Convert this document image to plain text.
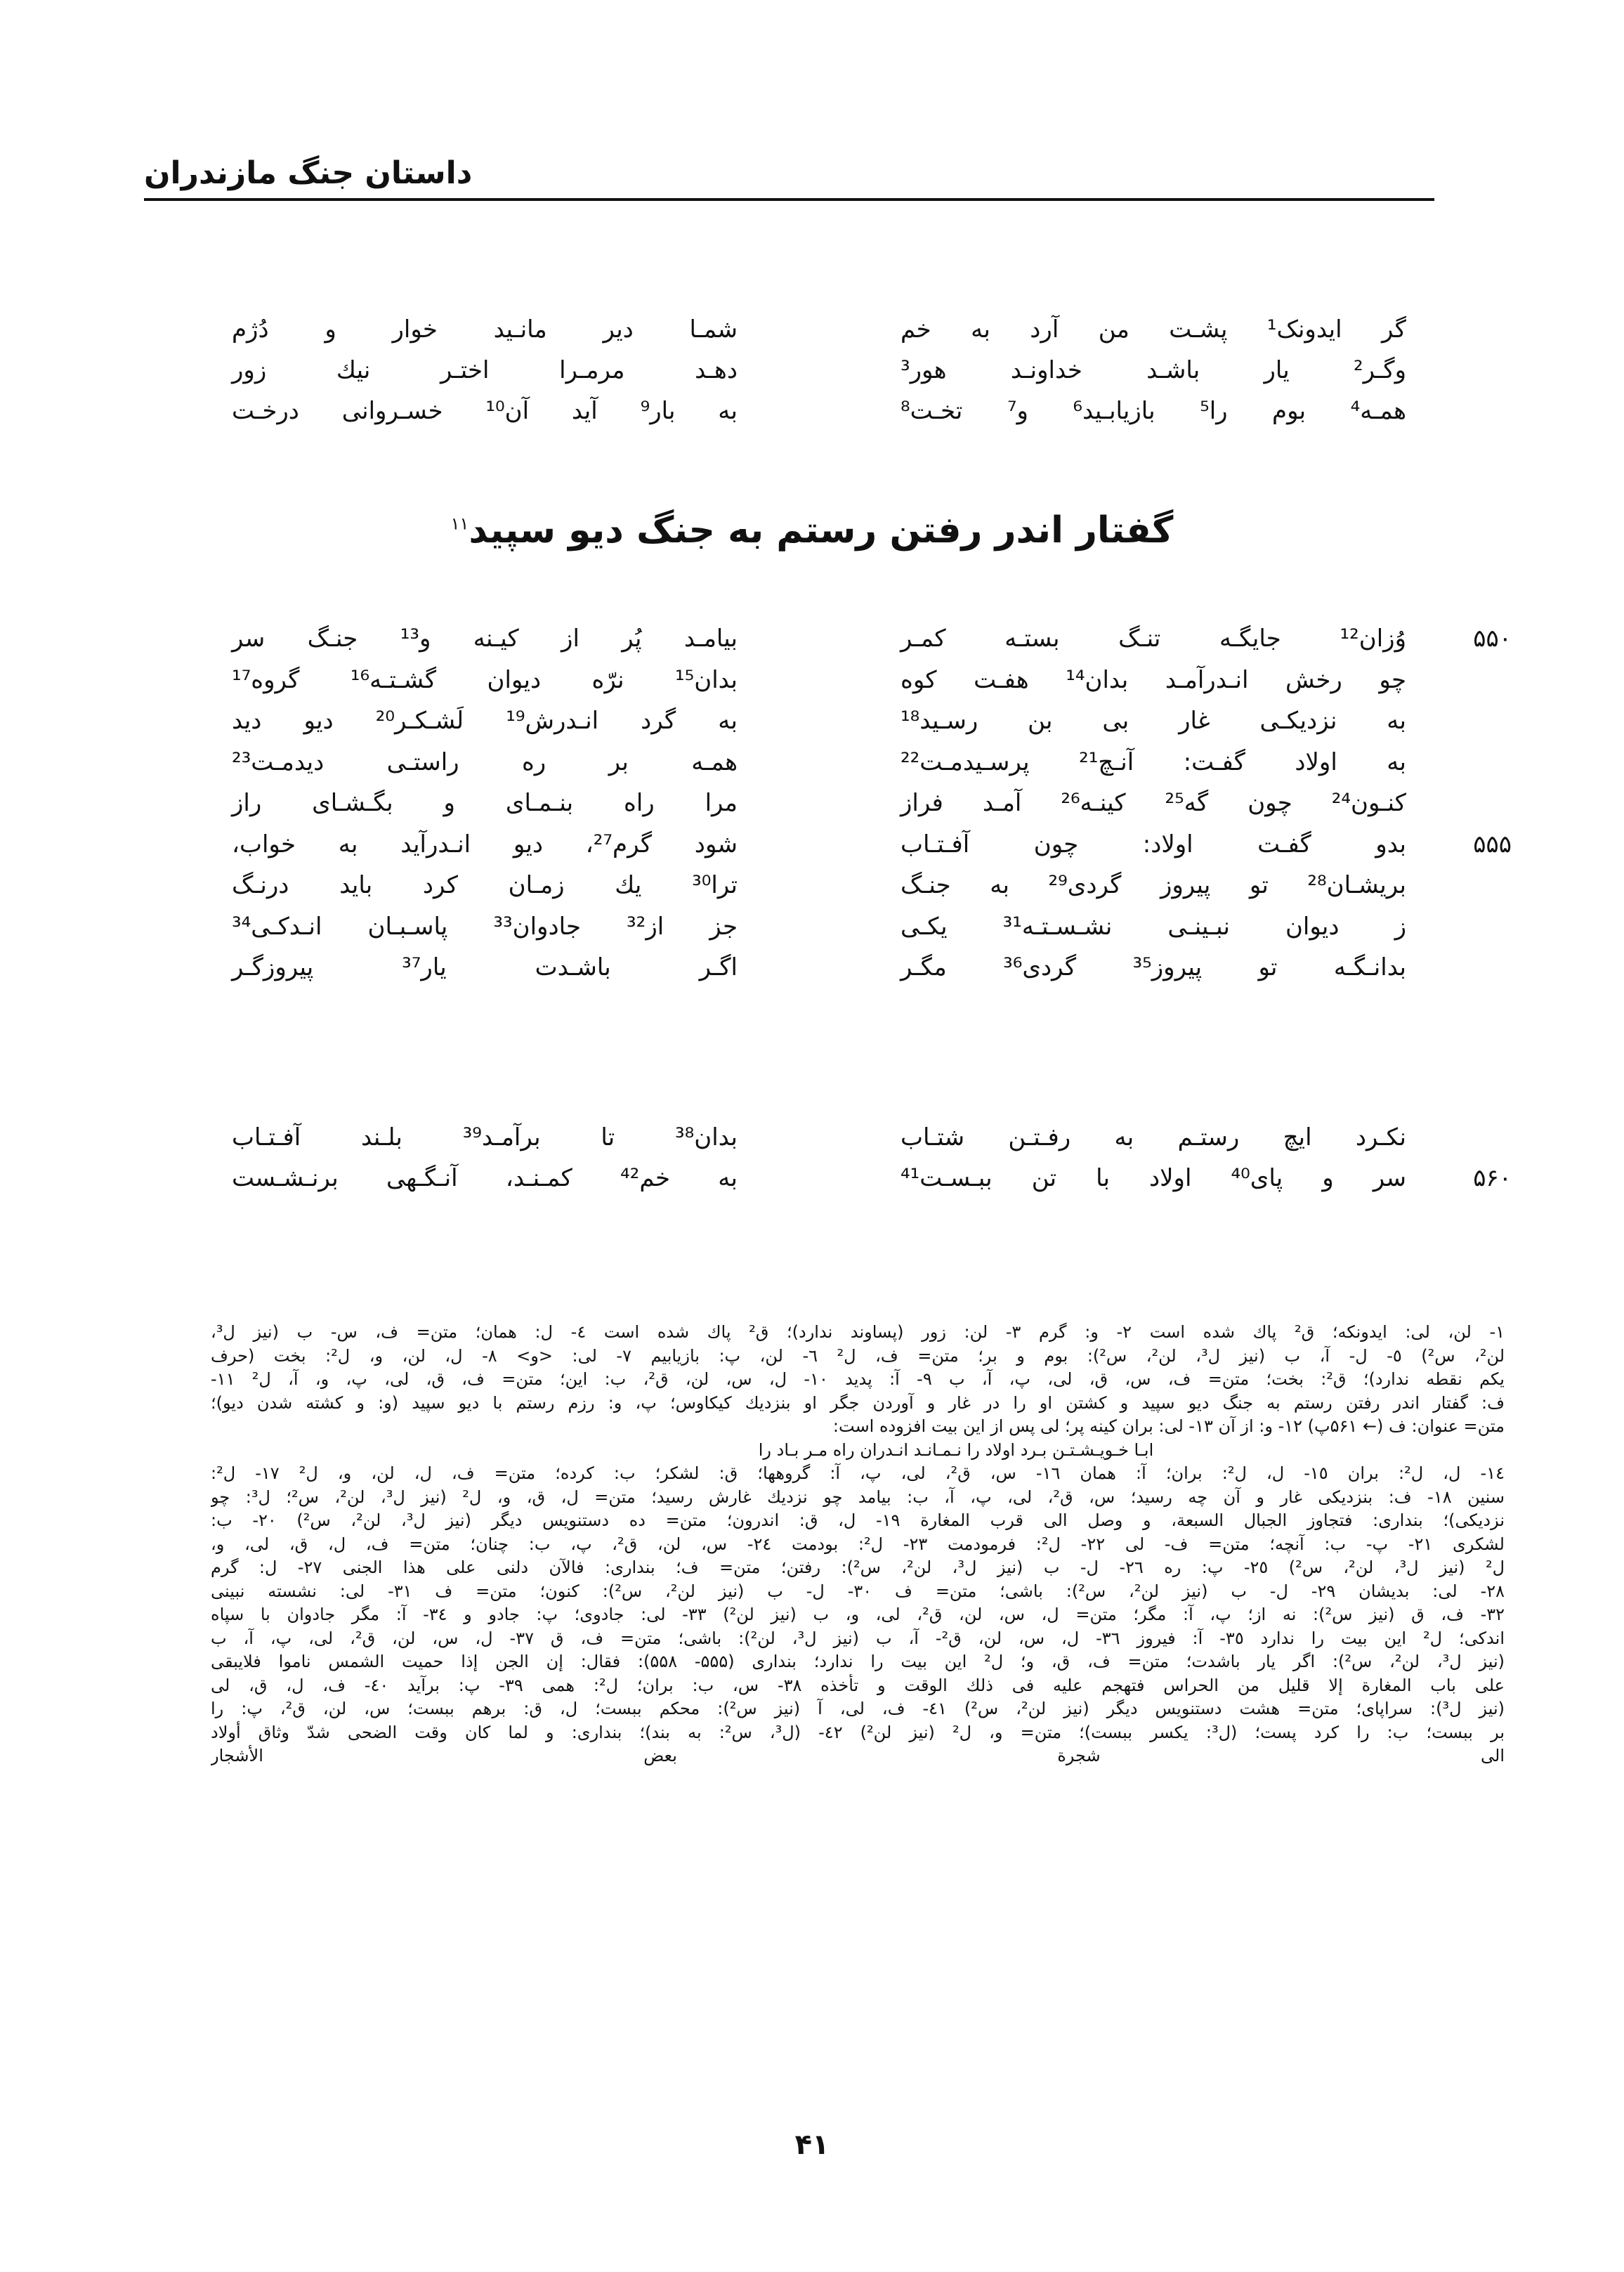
داستان جنگ مازندران
گر ایدونک¹ پشـت من آرد به خم
شمـا دیر مانـید خوار و دُژم
وگـر² یار باشـد خداونـد هور³
دهـد مرمـرا اختـر نیك زور
همـه⁴ بوم را⁵ بازیابـید⁶ و⁷ تخـت⁸
به بار⁹ آید آن¹⁰ خسـروانی درخـت
گفتار اندر رفتن رستم به جنگ دیو سپید$^{١١}$
۵۵۰
وُزان¹² جایگـه تنـگ بستـه کمـر
بیامـد پُر از کیـنه و¹³ جنـگ سر
چو رخش انـدرآمـد بدان¹⁴ هفـت کوه
بدان¹⁵ نرّه دیوان گشـتـه¹⁶ گروه¹⁷
به نزدیکـی غار بی بن رسـید¹⁸
به گرد انـدرش¹⁹ لَشـکـر²⁰ دیو دید
به اولاد گفـت: آنـچ²¹ پرسـیدمـت²²
همـه بر ره راستـی دیدمـت²³
کنـون²⁴ چون گه²⁵ کینـه²⁶ آمـد فراز
مرا راه بنـمـای و بگـشـای راز
۵۵۵
بدو گفـت اولاد: چون آفـتـاب
شود گرم²⁷، دیو انـدرآید به خواب،
بریشـان²⁸ تو پیروز گردی²⁹ به جنـگ
ترا³⁰ یك زمـان کرد باید درنـگ
ز دیوان نبـینـی نشـسـتـه³¹ یکـی
جز از³² جادوان³³ پاسـبـان انـدکـی³⁴
بدانـگـه تو پیروز³⁵ گردی³⁶ مگـر
اگـر باشـدت یار³⁷ پیروزگـر
نکـرد ایچ رستـم به رفـتـن شتـاب
بدان³⁸ تا برآمـد³⁹ بلـند آفـتـاب
۵۶۰
سر و پای⁴⁰ اولاد با تن ببـسـت⁴¹
به خم⁴² کمـنـد، آنـگـهی برنـشـست
١- لن، لی: ایدونکه؛ ق² پاك شده است ٢- و: گرم ٣- لن: زور (پساوند ندارد)؛ ق² پاك شده است ٤- ل: همان؛ متن= ف، س- ب (نیز ل³،
لن²، س²) ٥- ل- آ، ب (نیز ل³، لن²، س²): بوم و بر؛ متن= ف، ل² ٦- لن، پ: بازیابیم ٧- لی: <و> ٨- ل، لن، و، ل²: بخت (حرف
یکم نقطه ندارد)؛ ق²: بخت؛ متن= ف، س، ق، لی، پ، آ، ب ٩- آ: پدید ١٠- ل، س، لن، ق²، ب: این؛ متن= ف، ق، لی، پ، و، آ، ل² ١١-
ف: گفتار اندر رفتن رستم به جنگ دیو سپید و کشتن او را در غار و آوردن جگر او بنزدیك کیکاوس؛ پ، و: رزم رستم با دیو سپید (و: و کشته شدن دیو)؛
متن= عنوان: ف (← ۵۶۱پ) ١٢- و: از آن ١٣- لی: بران کینه پر؛ لی پس از این بیت افزوده است:
ابـا خـویـشـتـن بـرد اولاد را نـمـانـد انـدران راه مـر بـاد را
١٤- ل، ل²: بران ١٥- ل، ل²: بران؛ آ: همان ١٦- س، ق²، لی، پ، آ: گروهها؛ ق: لشکر؛ ب: کرده؛ متن= ف، ل، لن، و، ل² ١٧- ل²:
سنین ١٨- ف: بنزدیکی غار و آن چه رسید؛ س، ق²، لی، پ، آ، ب: بیامد چو نزدیك غارش رسید؛ متن= ل، ق، و، ل² (نیز ل³، لن²، س²؛ ل³: چو
نزدیکی)؛ بنداری: فتجاوز الجبال السبعة، و وصل الی قرب المغارة ١٩- ل، ق: اندرون؛ متن= ده دستنویس دیگر (نیز ل³، لن²، س²) ٢٠- ب:
لشکری ٢١- پ- ب: آنچه؛ متن= ف- لی ٢٢- ل²: فرمودمت ٢٣- ل²: بودمت ٢٤- س، لن، ق²، پ، ب: چنان؛ متن= ف، ل، ق، لی، و،
ل² (نیز ل³، لن²، س²) ٢٥- پ: ره ٢٦- ل- ب (نیز ل³، لن²، س²): رفتن؛ متن= ف؛ بنداری: فالآن دلنی علی هذا الجنی ٢٧- ل: گرم
٢٨- لی: بدیشان ٢٩- ل- ب (نیز لن²، س²): باشی؛ متن= ف ٣٠- ل- ب (نیز لن²، س²): کنون؛ متن= ف ٣١- لی: نشسته نبینی
٣٢- ف، ق (نیز س²): نه از؛ پ، آ: مگر؛ متن= ل، س، لن، ق²، لی، و، ب (نیز لن²) ٣٣- لی: جادوی؛ پ: جادو و ٣٤- آ: مگر جادوان با سپاه
اندکی؛ ل² این بیت را ندارد ٣٥- آ: فیروز ٣٦- ل، س، لن، ق²- آ، ب (نیز ل³، لن²): باشی؛ متن= ف، ق ٣٧- ل، س، لن، ق²، لی، پ، آ، ب
(نیز ل³، لن²، س²): اگر یار باشدت؛ متن= ف، ق، و؛ ل² این بیت را ندارد؛ بنداری (۵۵۵- ۵۵۸): فقال: إن الجن إذا حمیت الشمس ناموا فلایبقی
علی باب المغارة إلا قلیل من الحراس فتهجم علیه فی ذلك الوقت و تأخذه ٣٨- س، ب: بران؛ ل²: همی ٣٩- پ: برآید ٤٠- ف، ل، ق، لی
(نیز ل³): سراپای؛ متن= هشت دستنویس دیگر (نیز لن²، س²) ٤١- ف، لی، آ (نیز س²): محکم ببست؛ ل، ق: برهم ببست؛ س، لن، ق²، پ: را
بر ببست؛ ب: را کرد پست؛ (ل³: یکسر ببست)؛ متن= و، ل² (نیز لن²) ٤٢- (ل³، س²: به بند)؛ بنداری: و لما کان وقت الضحی شدّ وثاق أولاد
الی شجرة بعض الأشجار
۴۱
